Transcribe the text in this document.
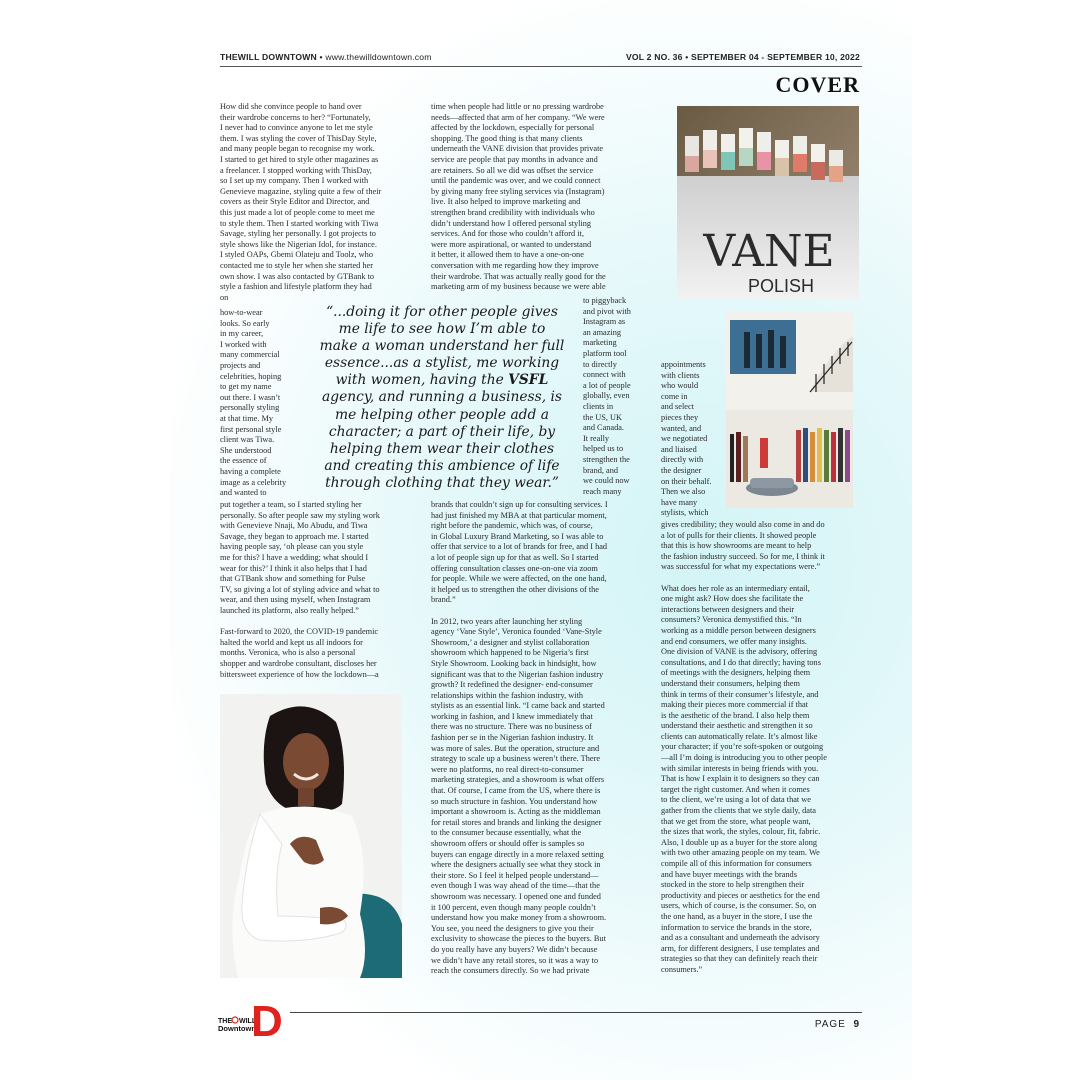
THEWILL DOWNTOWN • www.thewilldowntown.com	VOL 2 NO. 36 • SEPTEMBER 04 - SEPTEMBER 10, 2022
COVER
How did she convince people to hand over
their wardrobe concerns to her? “Fortunately,
I never had to convince anyone to let me style
them. I was styling the cover of ThisDay Style,
and many people began to recognise my work.
I started to get hired to style other magazines as
a freelancer. I stopped working with ThisDay,
so I set up my company. Then I worked with
Genevieve magazine, styling quite a few of their
covers as their Style Editor and Director, and
this just made a lot of people come to meet me
to style them. Then I started working with Tiwa
Savage, styling her personally. I got projects to
style shows like the Nigerian Idol, for instance.
I styled OAPs, Gbemi Olateju and Toolz, who
contacted me to style her when she started her
own show. I was also contacted by GTBank to
style a fashion and lifestyle platform they had
on
how-to-wear
looks. So early
in my career,
I worked with
many commercial
projects and
celebrities, hoping
to get my name
out there. I wasn’t
personally styling
at that time. My
first personal style
client was Tiwa.
She understood
the essence of
having a complete
image as a celebrity
and wanted to
put together a team, so I started styling her
personally. So after people saw my styling work
with Genevieve Nnaji, Mo Abudu, and Tiwa
Savage, they began to approach me. I started
having people say, ‘oh please can you style
me for this? I have a wedding; what should I
wear for this?’ I think it also helps that I had
that GTBank show and something for Pulse
TV, so giving a lot of styling advice and what to
wear, and then using myself, when Instagram
launched its platform, also really helped.”

Fast-forward to 2020, the COVID-19 pandemic
halted the world and kept us all indoors for
months. Veronica, who is also a personal
shopper and wardrobe consultant, discloses her
bittersweet experience of how the lockdown—a
time when people had little or no pressing wardrobe
needs—affected that arm of her company. “We were
affected by the lockdown, especially for personal
shopping. The good thing is that many clients
underneath the VANE division that provides private
service are people that pay months in advance and
are retainers. So all we did was offset the service
until the pandemic was over, and we could connect
by giving many free styling services via (Instagram)
live. It also helped to improve marketing and
strengthen brand credibility with individuals who
didn’t understand how I offered personal styling
services. And for those who couldn’t afford it,
were more aspirational, or wanted to understand
it better, it allowed them to have a one-on-one
conversation with me regarding how they improve
their wardrobe. That was actually really good for the
marketing arm of my business because we were able
to piggyback
and pivot with
Instagram as
an amazing
marketing
platform tool
to directly
connect with
a lot of people
globally, even
clients in
the US, UK
and Canada.
It really
helped us to
strengthen the
brand, and
we could now
reach many
brands that couldn’t sign up for consulting services. I
had just finished my MBA at that particular moment,
right before the pandemic, which was, of course,
in Global Luxury Brand Marketing, so I was able to
offer that service to a lot of brands for free, and I had
a lot of people sign up for that as well. So I started
offering consultation classes one-on-one via zoom
for people. While we were affected, on the one hand,
it helped us to strengthen the other divisions of the
brand.”

In 2012, two years after launching her styling
agency ‘Vane Style’, Veronica founded ‘Vane-Style
Showroom,’ a designer and stylist collaboration
showroom which happened to be Nigeria’s first
Style Showroom. Looking back in hindsight, how
significant was that to the Nigerian fashion industry
growth? It redefined the designer- end-consumer
relationships within the fashion industry, with
stylists as an essential link. “I came back and started
working in fashion, and I knew immediately that
there was no structure. There was no business of
fashion per se in the Nigerian fashion industry. It
was more of sales. But the operation, structure and
strategy to scale up a business weren’t there. There
were no platforms, no real direct-to-consumer
marketing strategies, and a showroom is what offers
that. Of course, I came from the US, where there is
so much structure in fashion. You understand how
important a showroom is. Acting as the middleman
for retail stores and brands and linking the designer
to the consumer because essentially, what the
showroom offers or should offer is samples so
buyers can engage directly in a more relaxed setting
where the designers actually see what they stock in
their store. So I feel it helped people understand—
even though I was way ahead of the time—that the
showroom was necessary. I opened one and funded
it 100 percent, even though many people couldn’t
understand how you make money from a showroom.
You see, you need the designers to give you their
exclusivity to showcase the pieces to the buyers. But
do you really have any buyers? We didn’t because
we didn’t have any retail stores, so it was a way to
reach the consumers directly. So we had private
appointments
with clients
who would
come in
and select
pieces they
wanted, and
we negotiated
and liaised
directly with
the designer
on their behalf.
Then we also
have many
stylists, which
gives credibility; they would also come in and do
a lot of pulls for their clients. It showed people
that this is how showrooms are meant to help
the fashion industry succeed. So for me, I think it
was successful for what my expectations were.”

What does her role as an intermediary entail,
one might ask? How does she facilitate the
interactions between designers and their
consumers? Veronica demystified this. “In
working as a middle person between designers
and end consumers, we offer many insights.
One division of VANE is the advisory, offering
consultations, and I do that directly; having tons
of meetings with the designers, helping them
understand their consumers, helping them
think in terms of their consumer’s lifestyle, and
making their pieces more commercial if that
is the aesthetic of the brand. I also help them
understand their aesthetic and strengthen it so
clients can automatically relate. It’s almost like
your character; if you’re soft-spoken or outgoing
—all I’m doing is introducing you to other people
with similar interests in being friends with you.
That is how I explain it to designers so they can
target the right customer. And when it comes
to the client, we’re using a lot of data that we
gather from the clients that we style daily, data
that we get from the store, what people want,
the sizes that work, the styles, colour, fit, fabric.
Also, I double up as a buyer for the store along
with two other amazing people on my team. We
compile all of this information for consumers
and have buyer meetings with the brands
stocked in the store to help strengthen their
productivity and pieces or aesthetics for the end
users, which of course, is the consumer. So, on
the one hand, as a buyer in the store, I use the
information to service the brands in the store,
and as a consultant and underneath the advisory
arm, for different designers, I use templates and
strategies so that they can definitely reach their
consumers.”
“...doing it for other people gives me life to see how I’m able to make a woman understand her full essence...as a stylist, me working with women, having the VSFL agency, and running a business, is me helping other people add a character; a part of their life, by helping them wear their clothes and creating this ambience of life through clothing that they wear.”
VANE
POLISH
THE WILL
Downtown
D	PAGE 9
